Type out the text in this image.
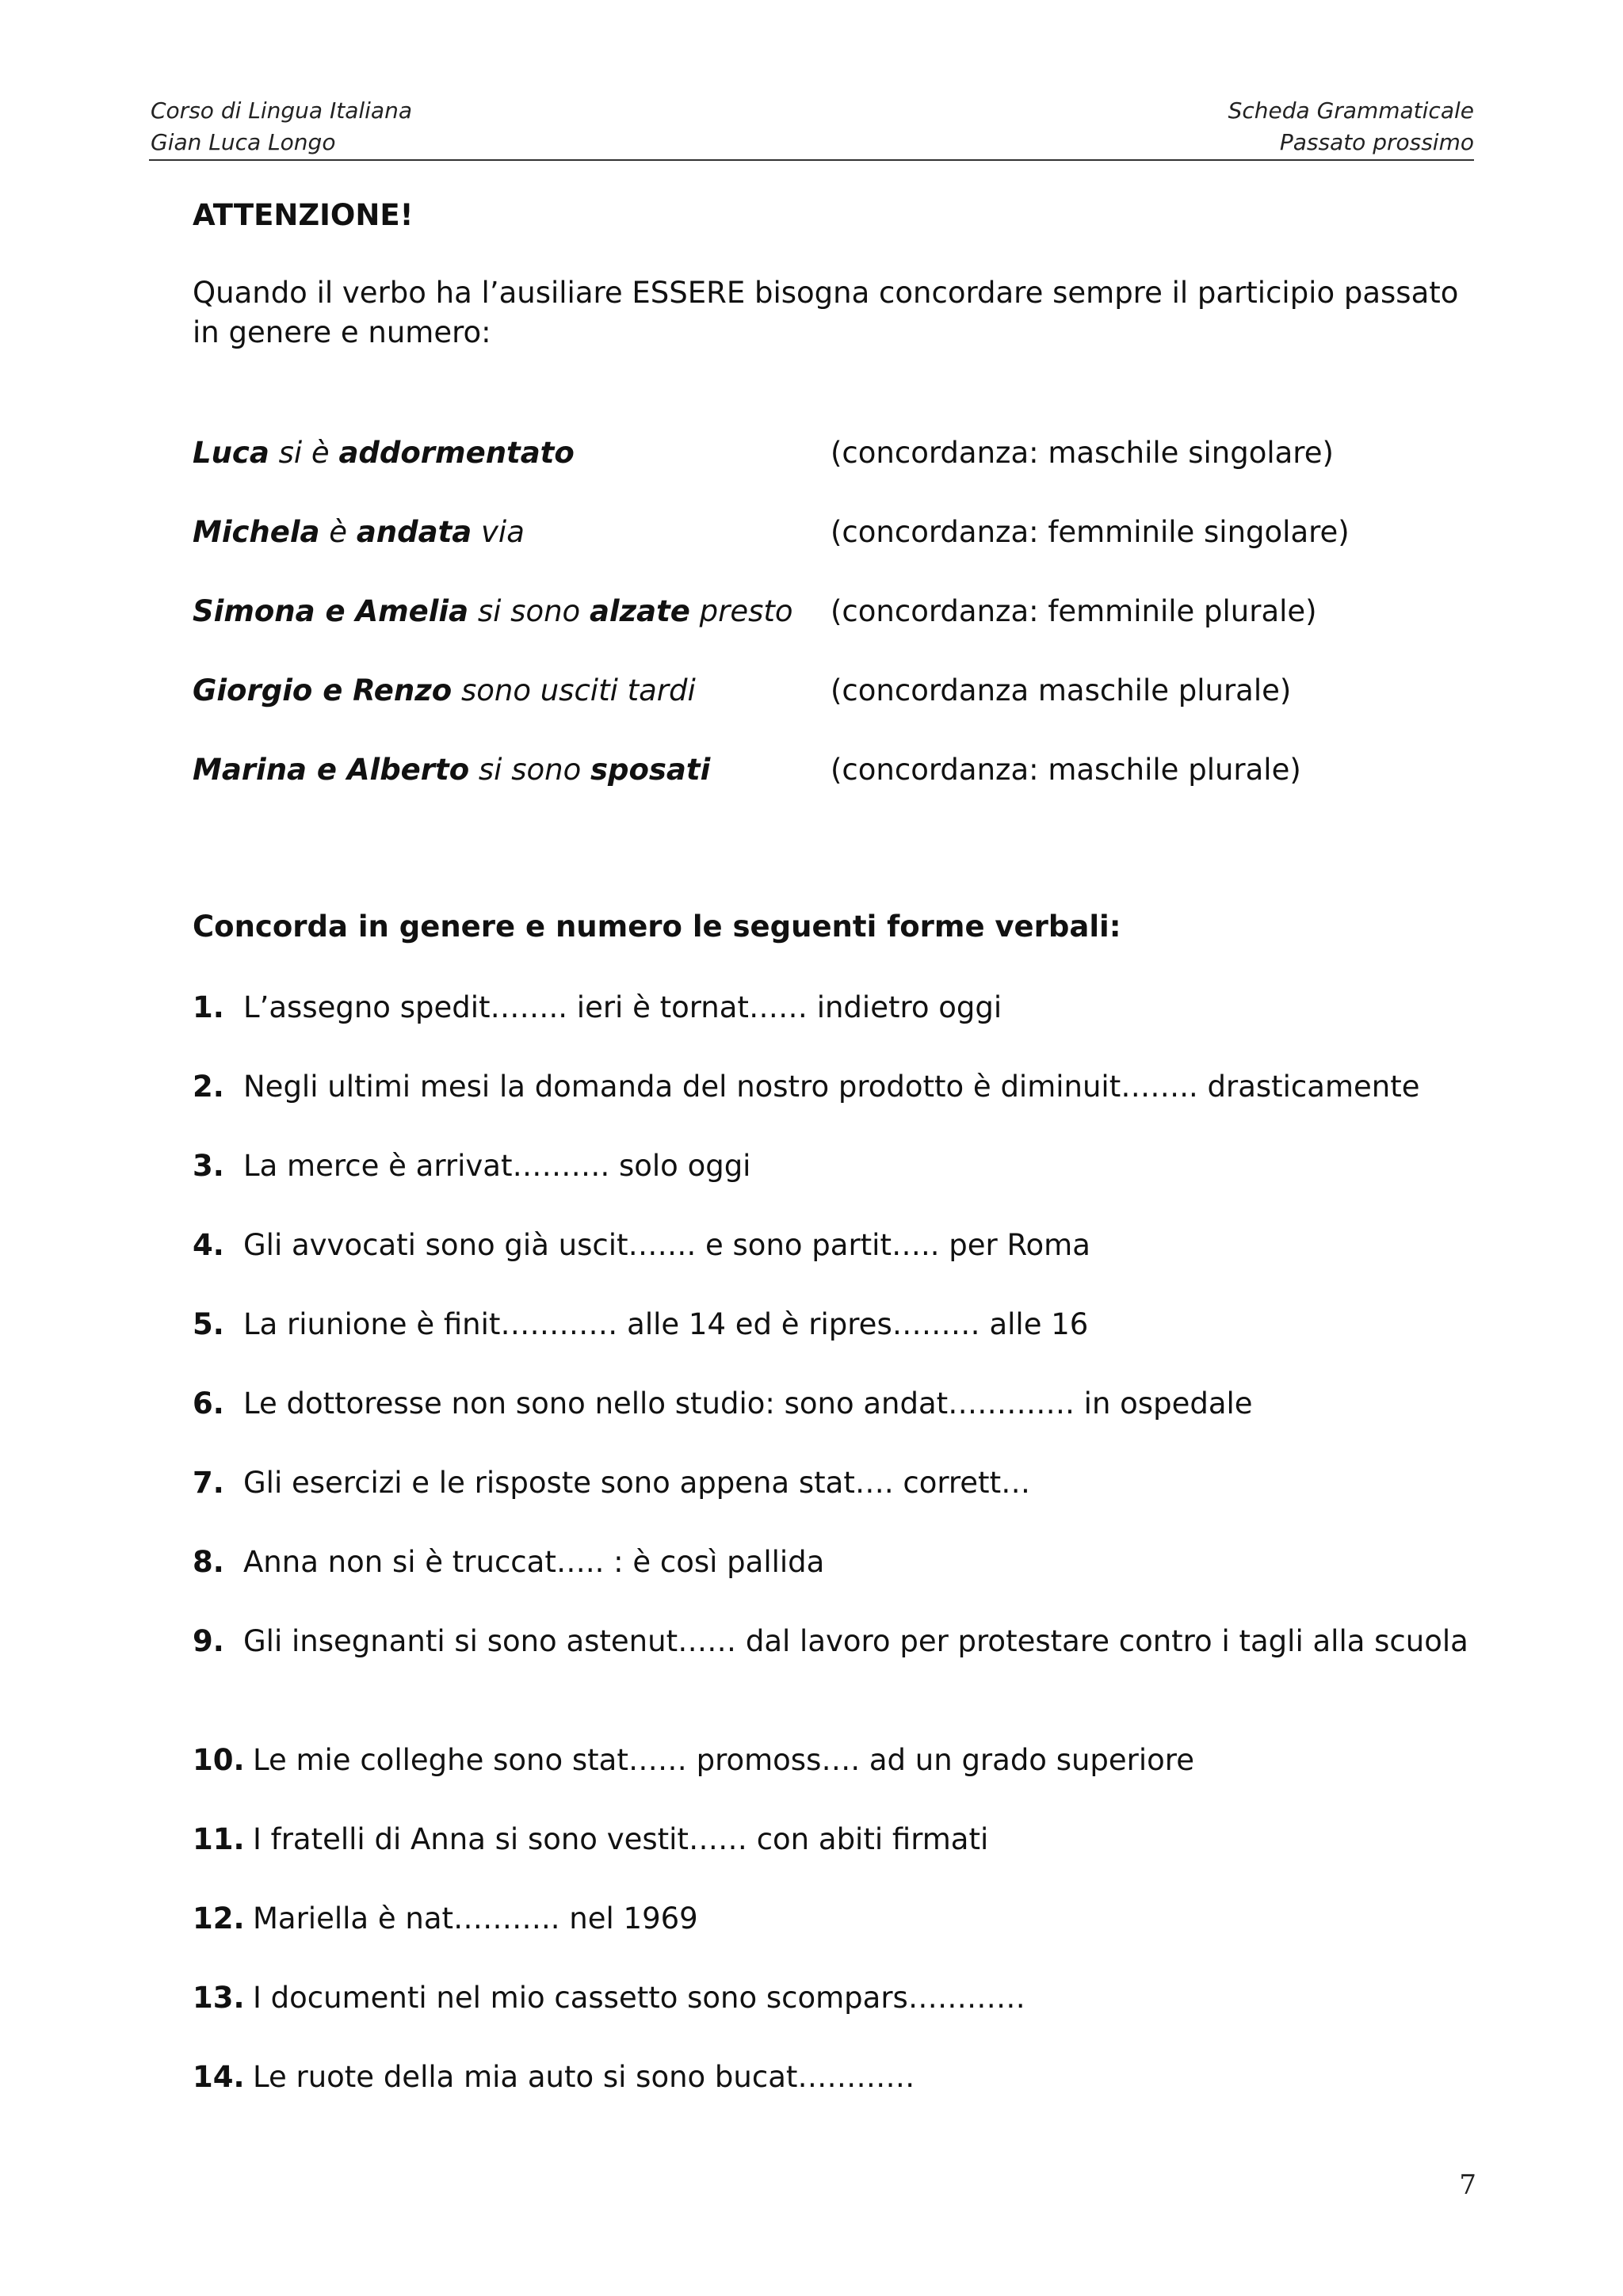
Corso di Lingua Italiana
Gian Luca Longo
Scheda Grammaticale
Passato prossimo
ATTENZIONE!
Quando il verbo ha l’ausiliare ESSERE bisogna concordare sempre il participio passato in genere e numero:
Luca si è addormentato	(concordanza: maschile singolare)
Michela è andata via	(concordanza: femminile singolare)
Simona e Amelia si sono alzate presto (concordanza: femminile plurale)
Giorgio e Renzo sono usciti tardi	(concordanza maschile plurale)
Marina e Alberto si sono sposati	(concordanza: maschile plurale)
Concorda in genere e numero le seguenti forme verbali:
1. L’assegno spedit…….. ieri è tornat…… indietro oggi
2. Negli ultimi mesi la domanda del nostro prodotto è diminuit…….. drasticamente
3. La merce è arrivat………. solo oggi
4. Gli avvocati sono già uscit……. e sono partit….. per Roma
5. La riunione è finit………… alle 14 ed è ripres……… alle 16
6. Le dottoresse non sono nello studio: sono andat…………. in ospedale
7. Gli esercizi e le risposte sono appena stat…. corrett…
8. Anna non si è truccat….. : è così pallida
9. Gli insegnanti si sono astenut…… dal lavoro per protestare contro i tagli alla scuola
10. Le mie colleghe sono stat…… promoss…. ad un grado superiore
11. I fratelli di Anna si sono vestit…… con abiti firmati
12. Mariella è nat……….. nel 1969
13. I documenti nel mio cassetto sono scompars…………
14. Le ruote della mia auto si sono bucat…………
7
